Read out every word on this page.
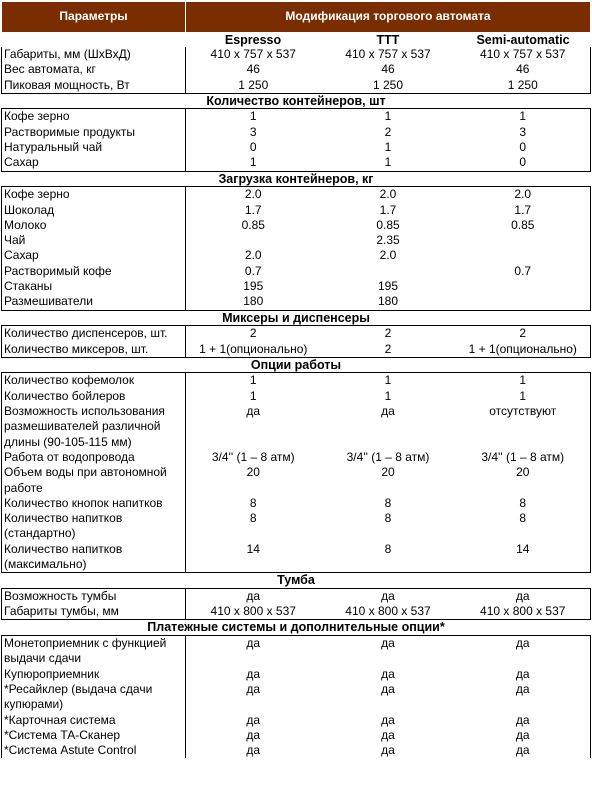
Параметры	Модификация торгового автомата		
	Espresso	TTT	Semi-automatic
Габариты, мм (ШхВхД)	410 x 757 x 537	410 x 757 x 537	410 x 757 x 537
Вес автомата, кг	46	46	46
Пиковая мощность, Вт	1 250	1 250	1 250
Количество контейнеров, шт			
Кофе зерно	1	1	1
Растворимые продукты	3	2	3
Натуральный чай	0	1	0
Сахар	1	1	0
Загрузка контейнеров, кг			
Кофе зерно	2.0	2.0	2.0
Шоколад	1.7	1.7	1.7
Молоко	0.85	0.85	0.85
Чай		2.35	
Сахар	2.0	2.0	
Растворимый кофе	0.7		0.7
Стаканы	195	195	
Размешиватели	180	180	
Миксеры и диспенсеры			
Количество диспенсеров, шт.	2	2	2
Количество миксеров, шт.	1 + 1(опционально)	2	1 + 1(опционально)
Опции работы			
Количество кофемолок	1	1	1
Количество бойлеров	1	1	1
Возможность использования размешивателей различной длины (90-105-115 мм)	да	да	отсутствуют
Работа от водопровода	3/4'' (1 – 8 атм)	3/4'' (1 – 8 атм)	3/4'' (1 – 8 атм)
Объем воды при автономной работе	20	20	20
Количество кнопок напитков	8	8	8
Количество напитков (стандартно)	8	8	8
Количество напитков (максимально)	14	8	14
Тумба			
Возможность тумбы	да	да	да
Габариты тумбы, мм	410 x 800 x 537	410 x 800 x 537	410 x 800 x 537
Платежные системы и дополнительные опции*			
Монетоприемник с функцией выдачи сдачи	да	да	да
Купюроприемник	да	да	да
*Ресайклер (выдача сдачи купюрами)	да	да	да
*Карточная система	да	да	да
*Система ТА-Сканер	да	да	да
*Система Astute Control	да	да	да
